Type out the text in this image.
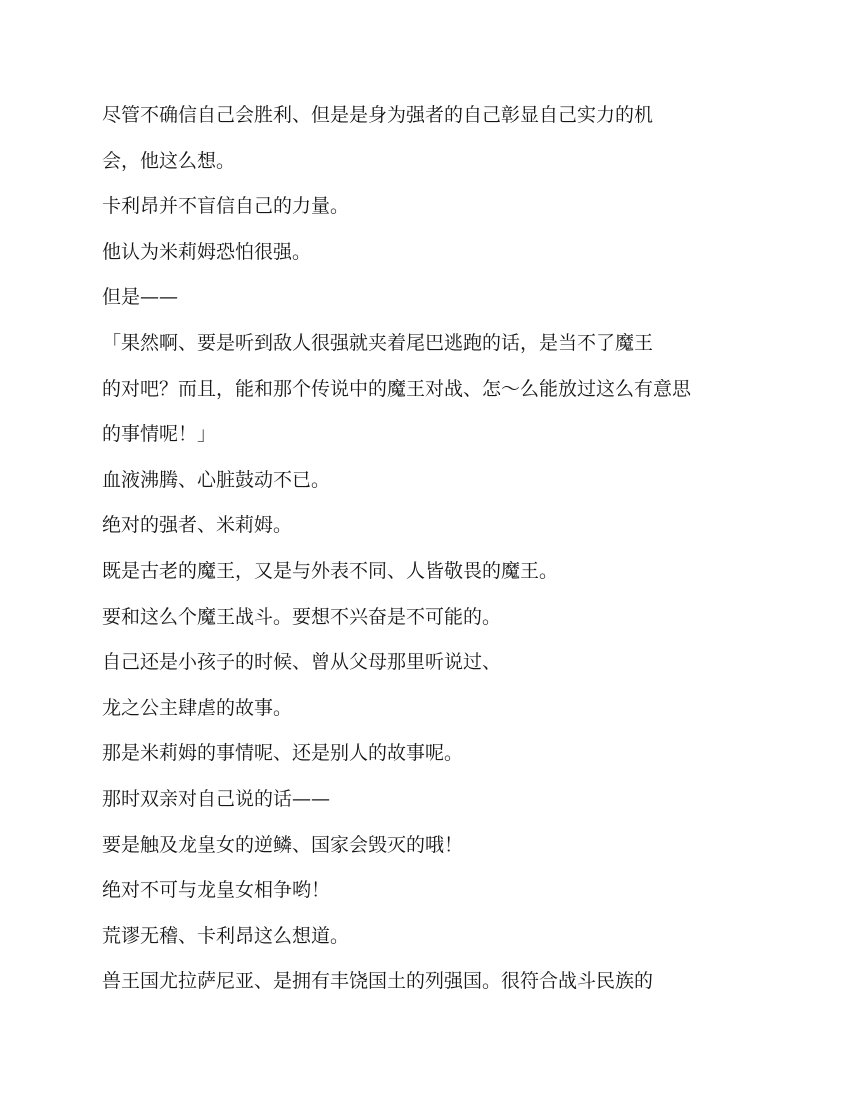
尽管不确信自己会胜利、但是是身为强者的自己彰显自己实力的机
会，他这么想。
卡利昂并不盲信自己的力量。
他认为米莉姆恐怕很强。
但是——
「果然啊、要是听到敌人很强就夹着尾巴逃跑的话，是当不了魔王
的对吧？而且，能和那个传说中的魔王对战、怎～么能放过这么有意思
的事情呢！」
血液沸腾、心脏鼓动不已。
绝对的强者、米莉姆。
既是古老的魔王，又是与外表不同、人皆敬畏的魔王。
要和这么个魔王战斗。要想不兴奋是不可能的。
自己还是小孩子的时候、曾从父母那里听说过、
龙之公主肆虐的故事。
那是米莉姆的事情呢、还是别人的故事呢。
那时双亲对自己说的话——
要是触及龙皇女的逆鳞、国家会毁灭的哦！
绝对不可与龙皇女相争哟！
荒谬无稽、卡利昂这么想道。
兽王国尤拉萨尼亚、是拥有丰饶国土的列强国。很符合战斗民族的
